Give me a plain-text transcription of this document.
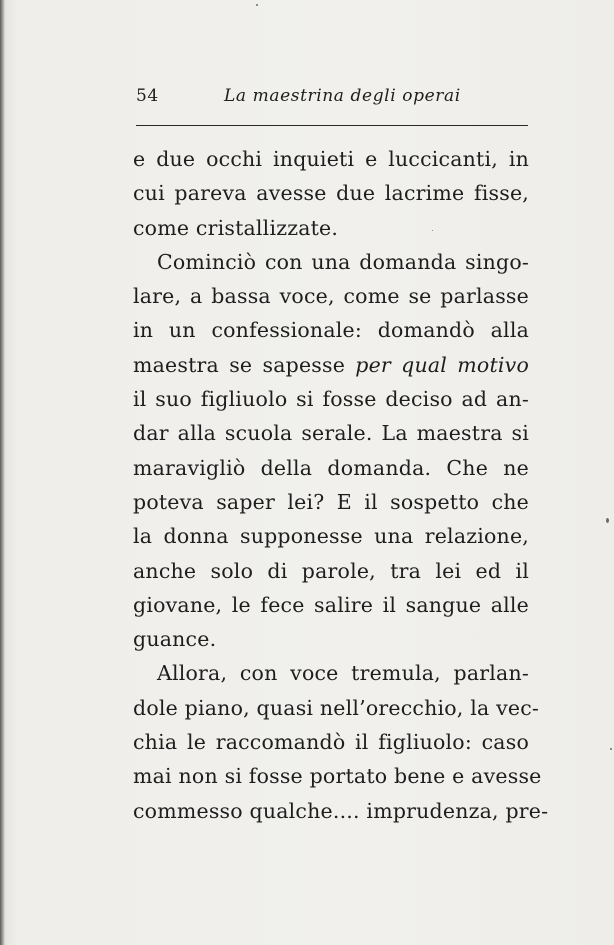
54	La maestrina degli operai
e due occhi inquieti e luccicanti, in
cui pareva avesse due lacrime fisse,
come cristallizzate.
Cominciò con una domanda singo-
lare, a bassa voce, come se parlasse
in un confessionale: domandò alla
maestra se sapesse per qual motivo
il suo figliuolo si fosse deciso ad an-
dar alla scuola serale. La maestra si
maravigliò della domanda. Che ne
poteva saper lei? E il sospetto che
la donna supponesse una relazione,
anche solo di parole, tra lei ed il
giovane, le fece salire il sangue alle
guance.
Allora, con voce tremula, parlan-
dole piano, quasi nell’orecchio, la vec-
chia le raccomandò il figliuolo: caso
mai non si fosse portato bene e avesse
commesso qualche.... imprudenza, pre-
